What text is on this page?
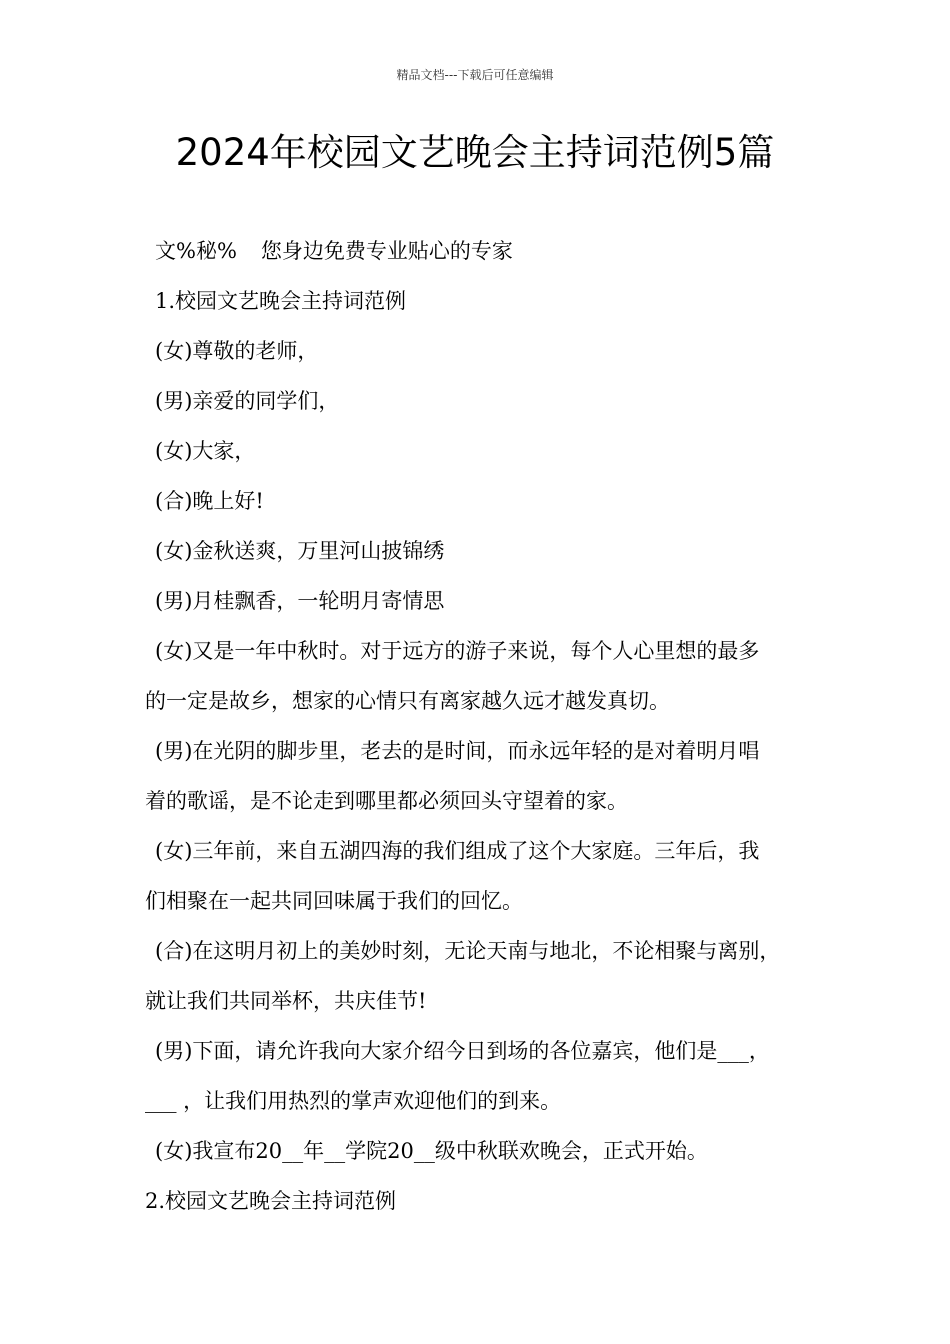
精品文档---下载后可任意编辑
2024年校园文艺晚会主持词范例5篇
文%秘% 您身边免费专业贴心的专家
1.校园文艺晚会主持词范例
(女)尊敬的老师，
(男)亲爱的同学们，
(女)大家，
(合)晚上好!
(女)金秋送爽，万里河山披锦绣
(男)月桂飘香，一轮明月寄情思
(女)又是一年中秋时。对于远方的游子来说，每个人心里想的最多
的一定是故乡，想家的心情只有离家越久远才越发真切。
(男)在光阴的脚步里，老去的是时间，而永远年轻的是对着明月唱
着的歌谣，是不论走到哪里都必须回头守望着的家。
(女)三年前，来自五湖四海的我们组成了这个大家庭。三年后，我
们相聚在一起共同回味属于我们的回忆。
(合)在这明月初上的美妙时刻，无论天南与地北，不论相聚与离别，
就让我们共同举杯，共庆佳节!
(男)下面，请允许我向大家介绍今日到场的各位嘉宾，他们是___，
___ ，让我们用热烈的掌声欢迎他们的到来。
(女)我宣布20__年__学院20__级中秋联欢晚会，正式开始。
2.校园文艺晚会主持词范例
